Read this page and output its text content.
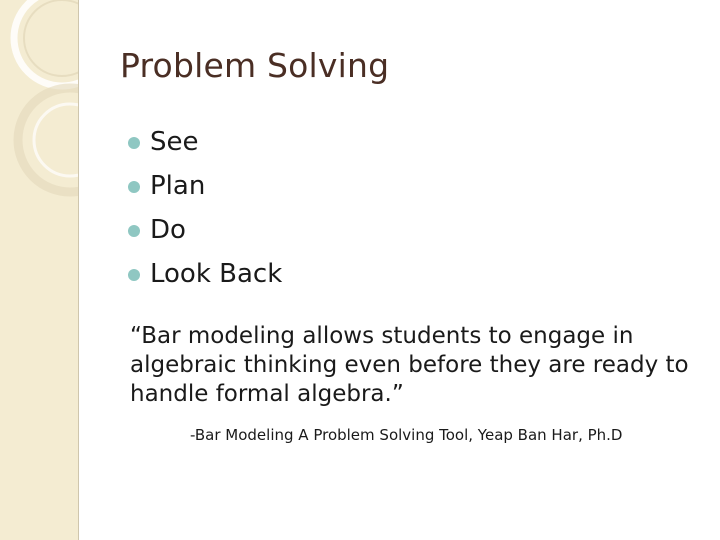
Problem Solving
See
Plan
Do
Look Back

“Bar modeling allows students to engage in algebraic thinking even before they are ready to handle formal algebra.”

-Bar Modeling A Problem Solving Tool, Yeap Ban Har, Ph.D
